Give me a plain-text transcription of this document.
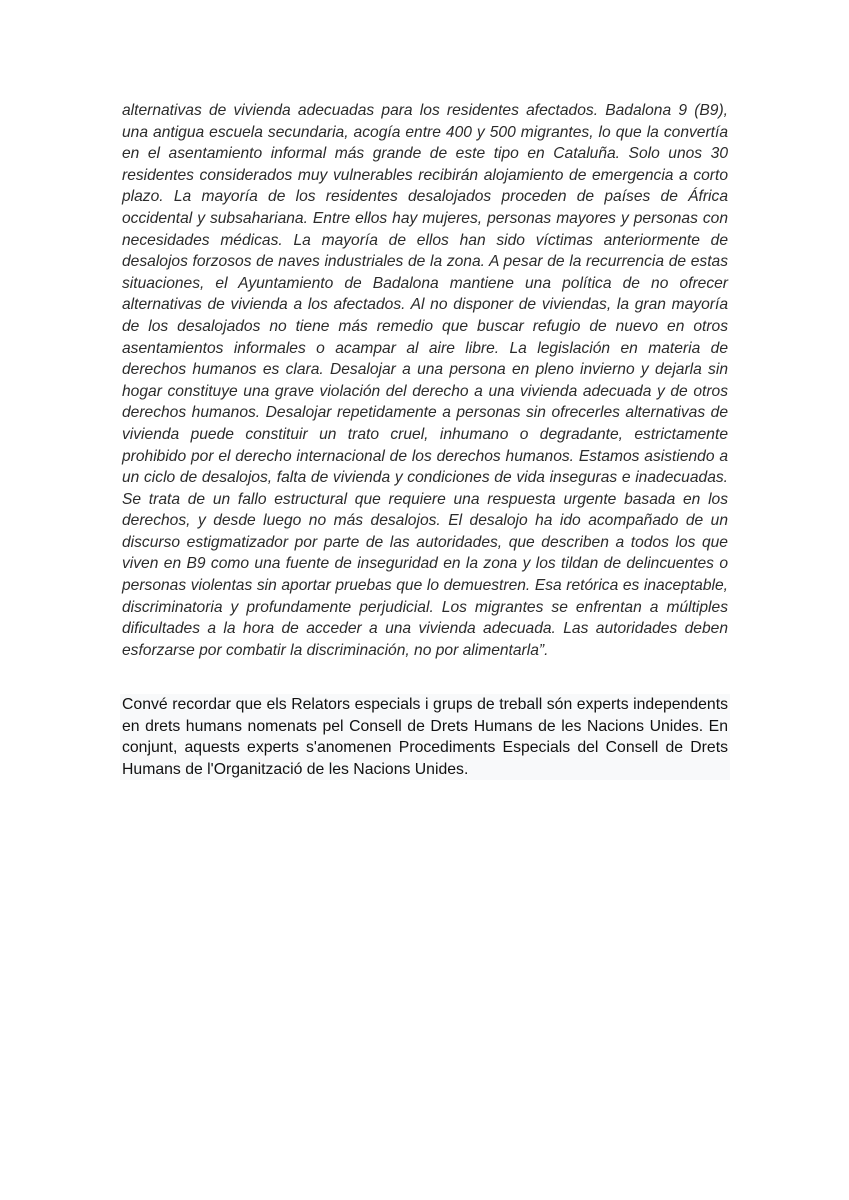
alternativas de vivienda adecuadas para los residentes afectados. Badalona 9 (B9), una antigua escuela secundaria, acogía entre 400 y 500 migrantes, lo que la convertía en el asentamiento informal más grande de este tipo en Cataluña. Solo unos 30 residentes considerados muy vulnerables recibirán alojamiento de emergencia a corto plazo. La mayoría de los residentes desalojados proceden de países de África occidental y subsahariana. Entre ellos hay mujeres, personas mayores y personas con necesidades médicas. La mayoría de ellos han sido víctimas anteriormente de desalojos forzosos de naves industriales de la zona. A pesar de la recurrencia de estas situaciones, el Ayuntamiento de Badalona mantiene una política de no ofrecer alternativas de vivienda a los afectados. Al no disponer de viviendas, la gran mayoría de los desalojados no tiene más remedio que buscar refugio de nuevo en otros asentamientos informales o acampar al aire libre. La legislación en materia de derechos humanos es clara. Desalojar a una persona en pleno invierno y dejarla sin hogar constituye una grave violación del derecho a una vivienda adecuada y de otros derechos humanos. Desalojar repetidamente a personas sin ofrecerles alternativas de vivienda puede constituir un trato cruel, inhumano o degradante, estrictamente prohibido por el derecho internacional de los derechos humanos. Estamos asistiendo a un ciclo de desalojos, falta de vivienda y condiciones de vida inseguras e inadecuadas. Se trata de un fallo estructural que requiere una respuesta urgente basada en los derechos, y desde luego no más desalojos. El desalojo ha ido acompañado de un discurso estigmatizador por parte de las autoridades, que describen a todos los que viven en B9 como una fuente de inseguridad en la zona y los tildan de delincuentes o personas violentas sin aportar pruebas que lo demuestren. Esa retórica es inaceptable, discriminatoria y profundamente perjudicial. Los migrantes se enfrentan a múltiples dificultades a la hora de acceder a una vivienda adecuada. Las autoridades deben esforzarse por combatir la discriminación, no por alimentarla”.

Convé recordar que els Relators especials i grups de treball són experts independents en drets humans nomenats pel Consell de Drets Humans de les Nacions Unides. En conjunt, aquests experts s'anomenen Procediments Especials del Consell de Drets Humans de l'Organització de les Nacions Unides.
